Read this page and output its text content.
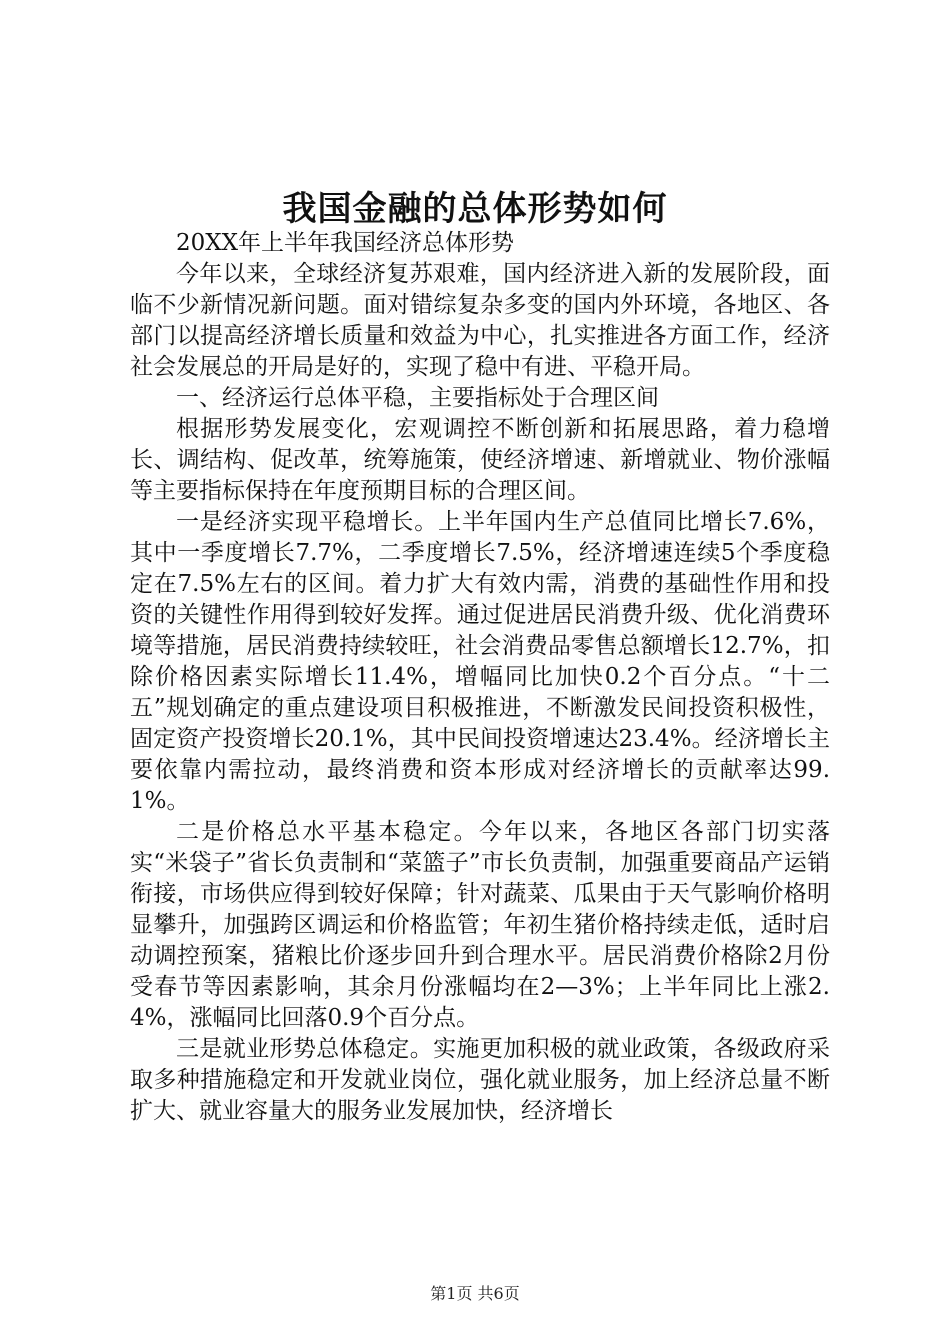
我国金融的总体形势如何

20XX年上半年我国经济总体形势

今年以来，全球经济复苏艰难，国内经济进入新的发展阶段，面临不少新情况新问题。面对错综复杂多变的国内外环境，各地区、各部门以提高经济增长质量和效益为中心，扎实推进各方面工作，经济社会发展总的开局是好的，实现了稳中有进、平稳开局。

一、经济运行总体平稳，主要指标处于合理区间

根据形势发展变化，宏观调控不断创新和拓展思路，着力稳增长、调结构、促改革，统筹施策，使经济增速、新增就业、物价涨幅等主要指标保持在年度预期目标的合理区间。

一是经济实现平稳增长。上半年国内生产总值同比增长7.6%，其中一季度增长7.7%，二季度增长7.5%，经济增速连续5个季度稳定在7.5%左右的区间。着力扩大有效内需，消费的基础性作用和投资的关键性作用得到较好发挥。通过促进居民消费升级、优化消费环境等措施，居民消费持续较旺，社会消费品零售总额增长12.7%，扣除价格因素实际增长11.4%，增幅同比加快0.2个百分点。“十二五”规划确定的重点建设项目积极推进，不断激发民间投资积极性，固定资产投资增长20.1%，其中民间投资增速达23.4%。经济增长主要依靠内需拉动，最终消费和资本形成对经济增长的贡献率达99.1%。

二是价格总水平基本稳定。今年以来，各地区各部门切实落实“米袋子”省长负责制和“菜篮子”市长负责制，加强重要商品产运销衔接，市场供应得到较好保障；针对蔬菜、瓜果由于天气影响价格明显攀升，加强跨区调运和价格监管；年初生猪价格持续走低，适时启动调控预案，猪粮比价逐步回升到合理水平。居民消费价格除2月份受春节等因素影响，其余月份涨幅均在2—3%；上半年同比上涨2.4%，涨幅同比回落0.9个百分点。

三是就业形势总体稳定。实施更加积极的就业政策，各级政府采取多种措施稳定和开发就业岗位，强化就业服务，加上经济总量不断扩大、就业容量大的服务业发展加快，经济增长

第1页 共6页
